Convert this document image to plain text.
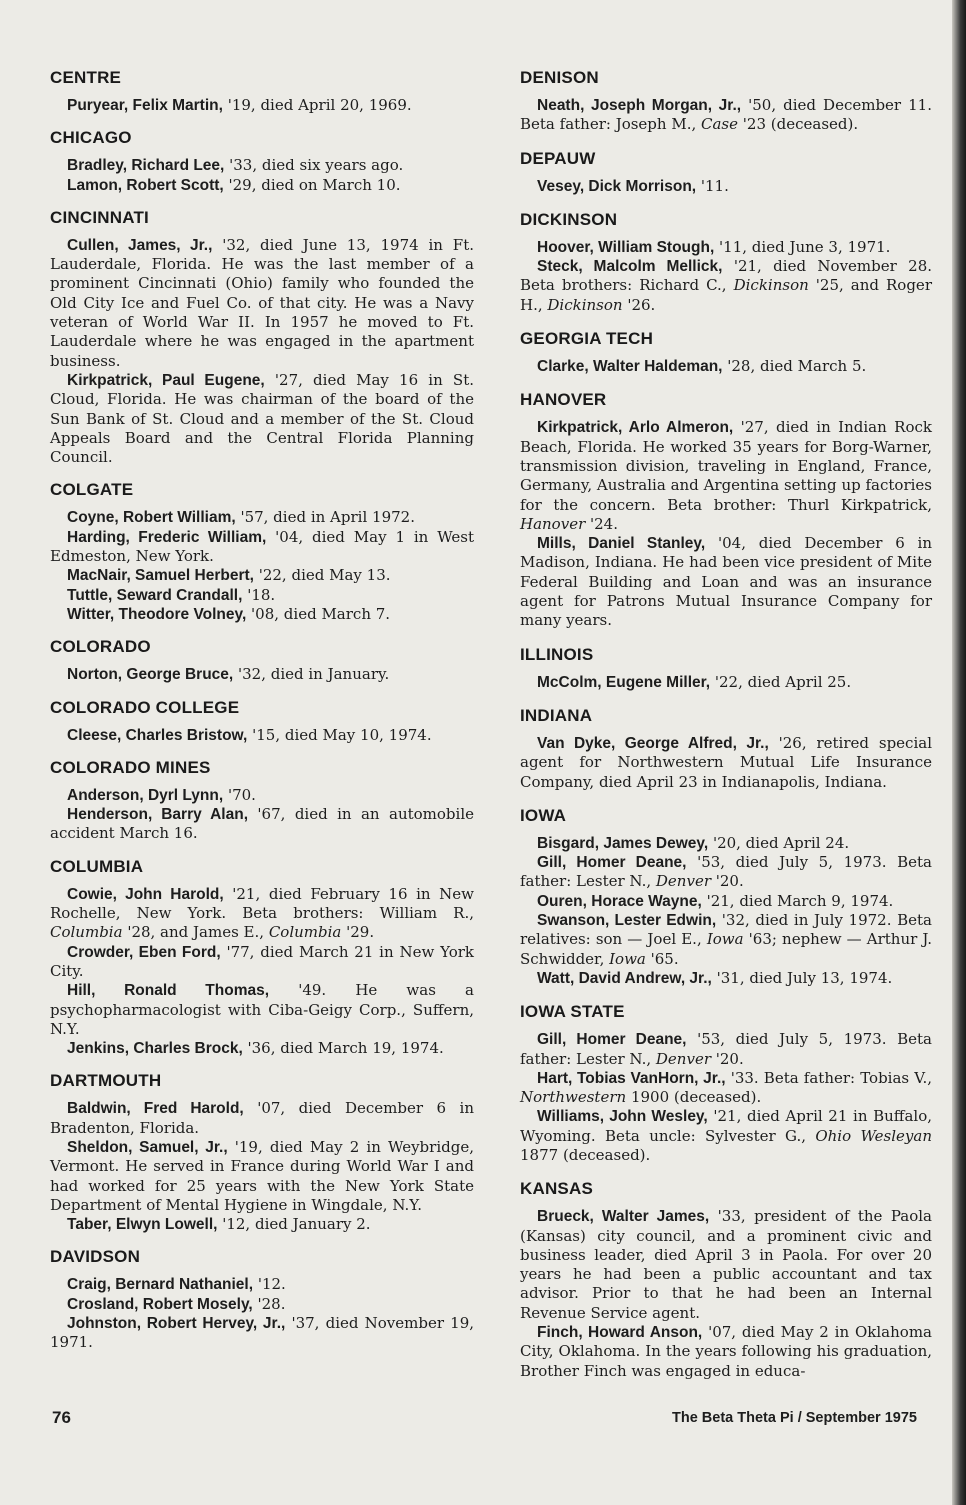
CENTRE

Puryear, Felix Martin, '19, died April 20, 1969.

CHICAGO

Bradley, Richard Lee, '33, died six years ago.

Lamon, Robert Scott, '29, died on March 10.

CINCINNATI

Cullen, James, Jr., '32, died June 13, 1974 in Ft. Lauderdale, Florida. He was the last member of a prominent Cincinnati (Ohio) family who founded the Old City Ice and Fuel Co. of that city. He was a Navy veteran of World War II. In 1957 he moved to Ft. Lauderdale where he was engaged in the apartment business.

Kirkpatrick, Paul Eugene, '27, died May 16 in St. Cloud, Florida. He was chairman of the board of the Sun Bank of St. Cloud and a member of the St. Cloud Appeals Board and the Central Florida Planning Council.

COLGATE

Coyne, Robert William, '57, died in April 1972.

Harding, Frederic William, '04, died May 1 in West Edmeston, New York.

MacNair, Samuel Herbert, '22, died May 13.

Tuttle, Seward Crandall, '18.

Witter, Theodore Volney, '08, died March 7.

COLORADO

Norton, George Bruce, '32, died in January.

COLORADO COLLEGE

Cleese, Charles Bristow, '15, died May 10, 1974.

COLORADO MINES

Anderson, Dyrl Lynn, '70.

Henderson, Barry Alan, '67, died in an automobile accident March 16.

COLUMBIA

Cowie, John Harold, '21, died February 16 in New Rochelle, New York. Beta brothers: William R., Columbia '28, and James E., Columbia '29.

Crowder, Eben Ford, '77, died March 21 in New York City.

Hill, Ronald Thomas, '49. He was a psychopharmacologist with Ciba-Geigy Corp., Suffern, N.Y.

Jenkins, Charles Brock, '36, died March 19, 1974.

DARTMOUTH

Baldwin, Fred Harold, '07, died December 6 in Bradenton, Florida.

Sheldon, Samuel, Jr., '19, died May 2 in Weybridge, Vermont. He served in France during World War I and had worked for 25 years with the New York State Department of Mental Hygiene in Wingdale, N.Y.

Taber, Elwyn Lowell, '12, died January 2.

DAVIDSON

Craig, Bernard Nathaniel, '12.

Crosland, Robert Mosely, '28.

Johnston, Robert Hervey, Jr., '37, died November 19, 1971.

DENISON

Neath, Joseph Morgan, Jr., '50, died December 11. Beta father: Joseph M., Case '23 (deceased).

DEPAUW

Vesey, Dick Morrison, '11.

DICKINSON

Hoover, William Stough, '11, died June 3, 1971.

Steck, Malcolm Mellick, '21, died November 28. Beta brothers: Richard C., Dickinson '25, and Roger H., Dickinson '26.

GEORGIA TECH

Clarke, Walter Haldeman, '28, died March 5.

HANOVER

Kirkpatrick, Arlo Almeron, '27, died in Indian Rock Beach, Florida. He worked 35 years for Borg-Warner, transmission division, traveling in England, France, Germany, Australia and Argentina setting up factories for the concern. Beta brother: Thurl Kirkpatrick, Hanover '24.

Mills, Daniel Stanley, '04, died December 6 in Madison, Indiana. He had been vice president of Mite Federal Building and Loan and was an insurance agent for Patrons Mutual Insurance Company for many years.

ILLINOIS

McColm, Eugene Miller, '22, died April 25.

INDIANA

Van Dyke, George Alfred, Jr., '26, retired special agent for Northwestern Mutual Life Insurance Company, died April 23 in Indianapolis, Indiana.

IOWA

Bisgard, James Dewey, '20, died April 24.

Gill, Homer Deane, '53, died July 5, 1973. Beta father: Lester N., Denver '20.

Ouren, Horace Wayne, '21, died March 9, 1974.

Swanson, Lester Edwin, '32, died in July 1972. Beta relatives: son — Joel E., Iowa '63; nephew — Arthur J. Schwidder, Iowa '65.

Watt, David Andrew, Jr., '31, died July 13, 1974.

IOWA STATE

Gill, Homer Deane, '53, died July 5, 1973. Beta father: Lester N., Denver '20.

Hart, Tobias VanHorn, Jr., '33. Beta father: Tobias V., Northwestern 1900 (deceased).

Williams, John Wesley, '21, died April 21 in Buffalo, Wyoming. Beta uncle: Sylvester G., Ohio Wesleyan 1877 (deceased).

KANSAS

Brueck, Walter James, '33, president of the Paola (Kansas) city council, and a prominent civic and business leader, died April 3 in Paola. For over 20 years he had been a public accountant and tax advisor. Prior to that he had been an Internal Revenue Service agent.

Finch, Howard Anson, '07, died May 2 in Oklahoma City, Oklahoma. In the years following his graduation, Brother Finch was engaged in educa-

76	The Beta Theta Pi / September 1975
